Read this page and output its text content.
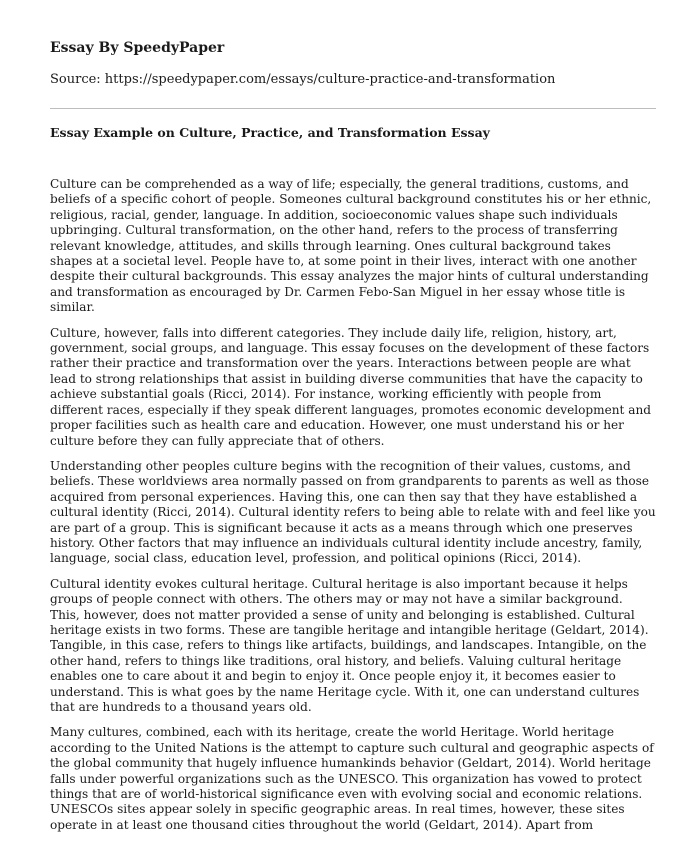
Essay By SpeedyPaper
Source: https://speedypaper.com/essays/culture-practice-and-transformation
Essay Example on Culture, Practice, and Transformation Essay

Culture can be comprehended as a way of life; especially, the general traditions, customs, and beliefs of a specific cohort of people. Someones cultural background constitutes his or her ethnic, religious, racial, gender, language. In addition, socioeconomic values shape such individuals upbringing. Cultural transformation, on the other hand, refers to the process of transferring relevant knowledge, attitudes, and skills through learning. Ones cultural background takes shapes at a societal level. People have to, at some point in their lives, interact with one another despite their cultural backgrounds. This essay analyzes the major hints of cultural understanding and transformation as encouraged by Dr. Carmen Febo-San Miguel in her essay whose title is similar.

Culture, however, falls into different categories. They include daily life, religion, history, art, government, social groups, and language. This essay focuses on the development of these factors rather their practice and transformation over the years. Interactions between people are what lead to strong relationships that assist in building diverse communities that have the capacity to achieve substantial goals (Ricci, 2014). For instance, working efficiently with people from different races, especially if they speak different languages, promotes economic development and proper facilities such as health care and education. However, one must understand his or her culture before they can fully appreciate that of others.

Understanding other peoples culture begins with the recognition of their values, customs, and beliefs. These worldviews area normally passed on from grandparents to parents as well as those acquired from personal experiences. Having this, one can then say that they have established a cultural identity (Ricci, 2014). Cultural identity refers to being able to relate with and feel like you are part of a group. This is significant because it acts as a means through which one preserves history. Other factors that may influence an individuals cultural identity include ancestry, family, language, social class, education level, profession, and political opinions (Ricci, 2014).

Cultural identity evokes cultural heritage. Cultural heritage is also important because it helps groups of people connect with others. The others may or may not have a similar background. This, however, does not matter provided a sense of unity and belonging is established. Cultural heritage exists in two forms. These are tangible heritage and intangible heritage (Geldart, 2014). Tangible, in this case, refers to things like artifacts, buildings, and landscapes. Intangible, on the other hand, refers to things like traditions, oral history, and beliefs. Valuing cultural heritage enables one to care about it and begin to enjoy it. Once people enjoy it, it becomes easier to understand. This is what goes by the name Heritage cycle. With it, one can understand cultures that are hundreds to a thousand years old.

Many cultures, combined, each with its heritage, create the world Heritage. World heritage according to the United Nations is the attempt to capture such cultural and geographic aspects of the global community that hugely influence humankinds behavior (Geldart, 2014). World heritage falls under powerful organizations such as the UNESCO. This organization has vowed to protect things that are of world-historical significance even with evolving social and economic relations. UNESCOs sites appear solely in specific geographic areas. In real times, however, these sites operate in at least one thousand cities throughout the world (Geldart, 2014). Apart from
